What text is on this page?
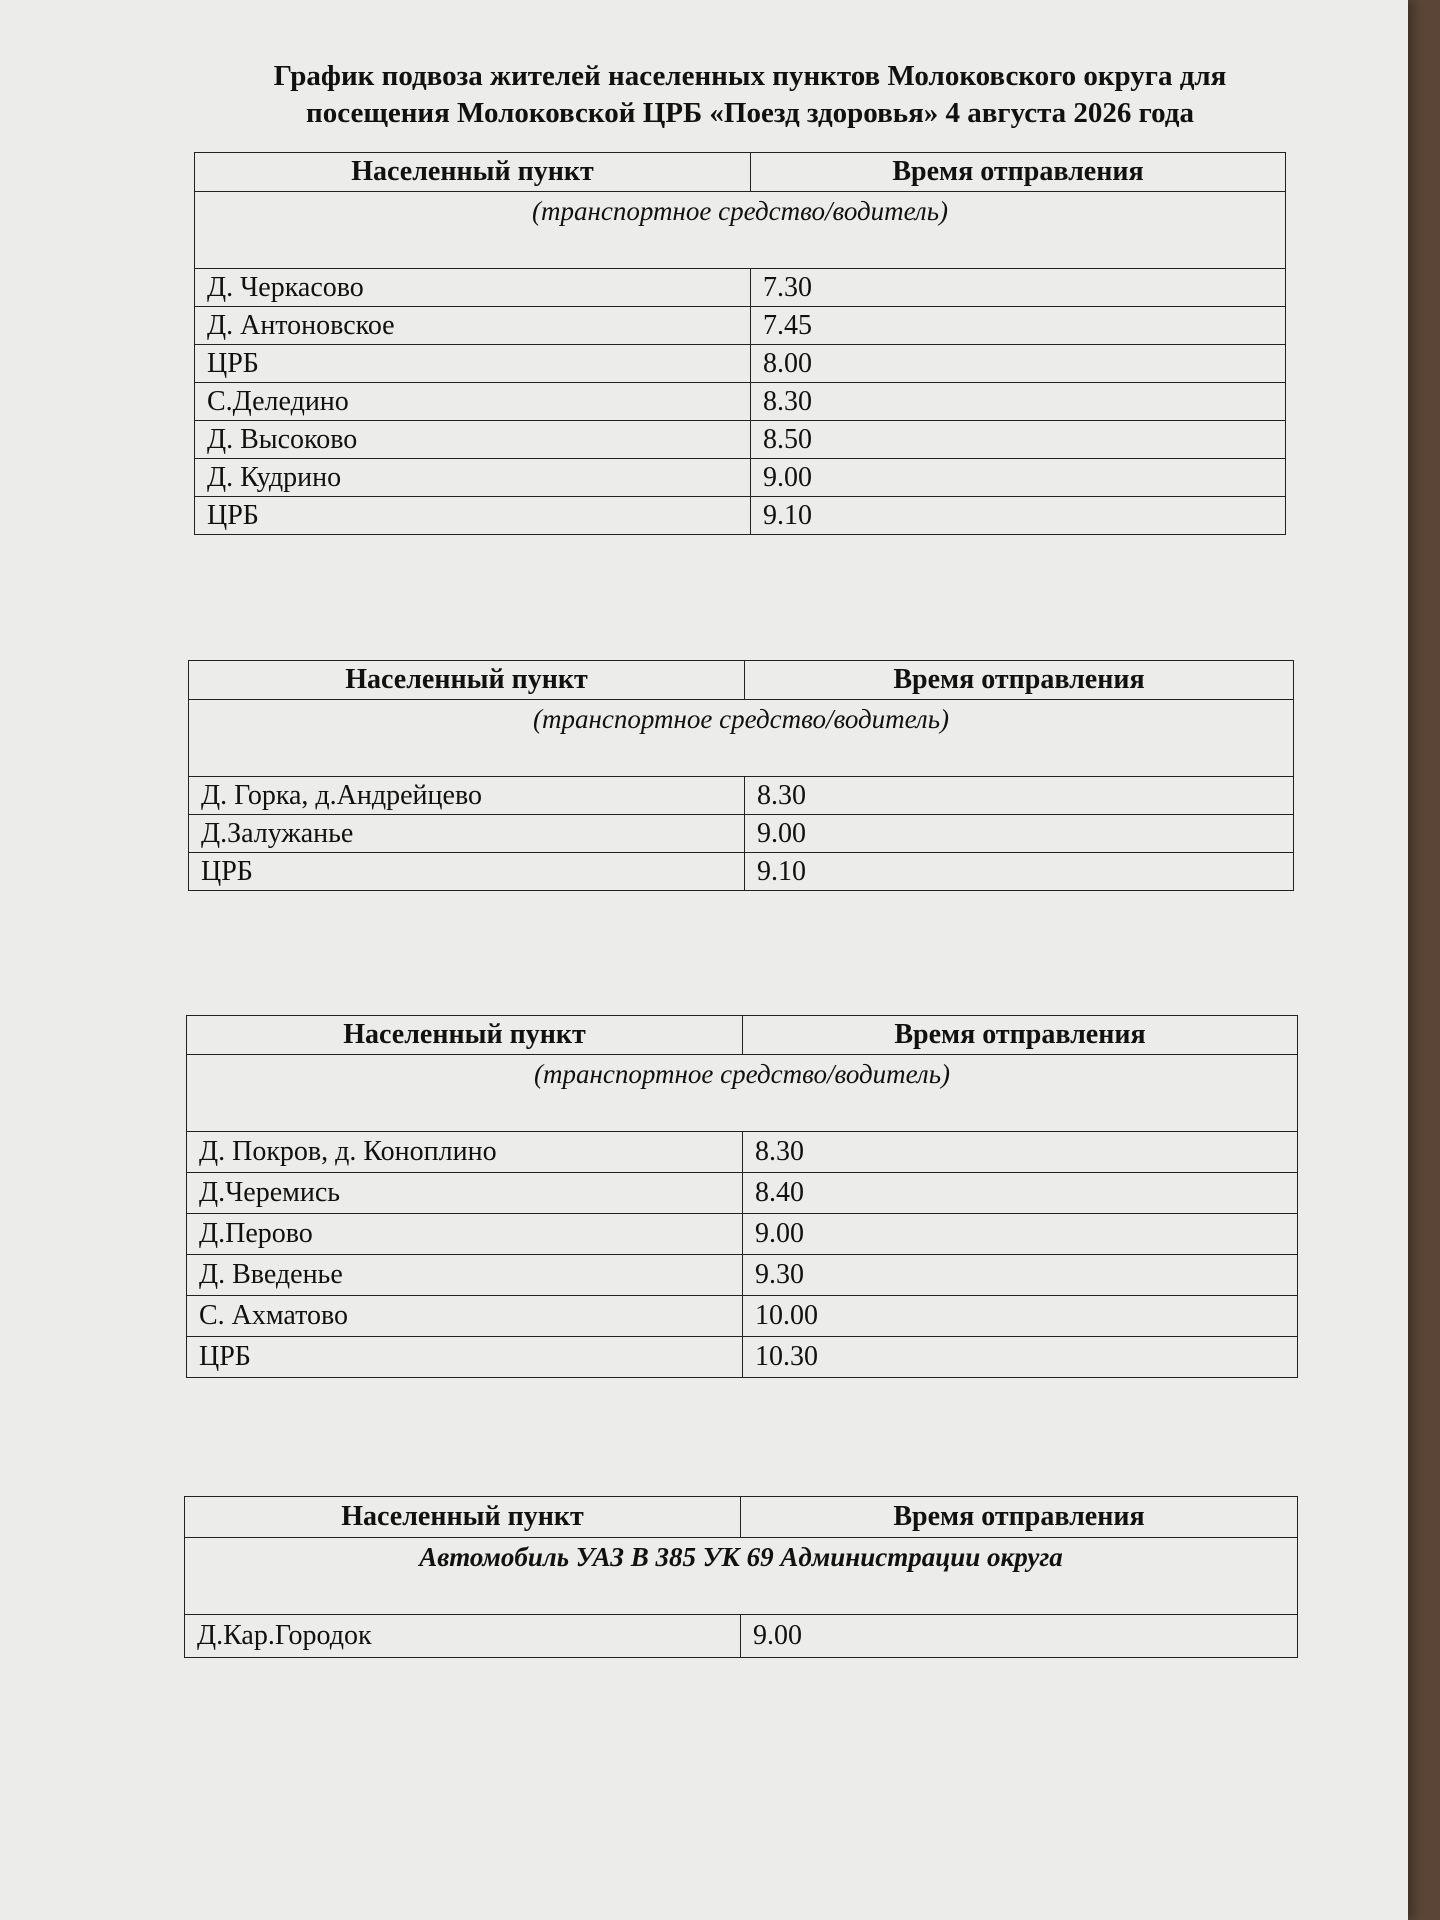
График подвоза жителей населенных пунктов Молоковского округа для посещения Молоковской ЦРБ «Поезд здоровья» 4 августа 2026 года
Населенный пункт	Время отправления
(транспортное средство/водитель)
Д. Черкасово	7.30
Д. Антоновское	7.45
ЦРБ	8.00
С.Деледино	8.30
Д. Высоково	8.50
Д. Кудрино	9.00
ЦРБ	9.10
Населенный пункт	Время отправления
(транспортное средство/водитель)
Д. Горка, д.Андрейцево	8.30
Д.Залужанье	9.00
ЦРБ	9.10
Населенный пункт	Время отправления
(транспортное средство/водитель)
Д. Покров, д. Коноплино	8.30
Д.Черемись	8.40
Д.Перово	9.00
Д. Введенье	9.30
С. Ахматово	10.00
ЦРБ	10.30
Населенный пункт	Время отправления
Автомобиль УАЗ В 385 УК 69 Администрации округа
Д.Кар.Городок	9.00
